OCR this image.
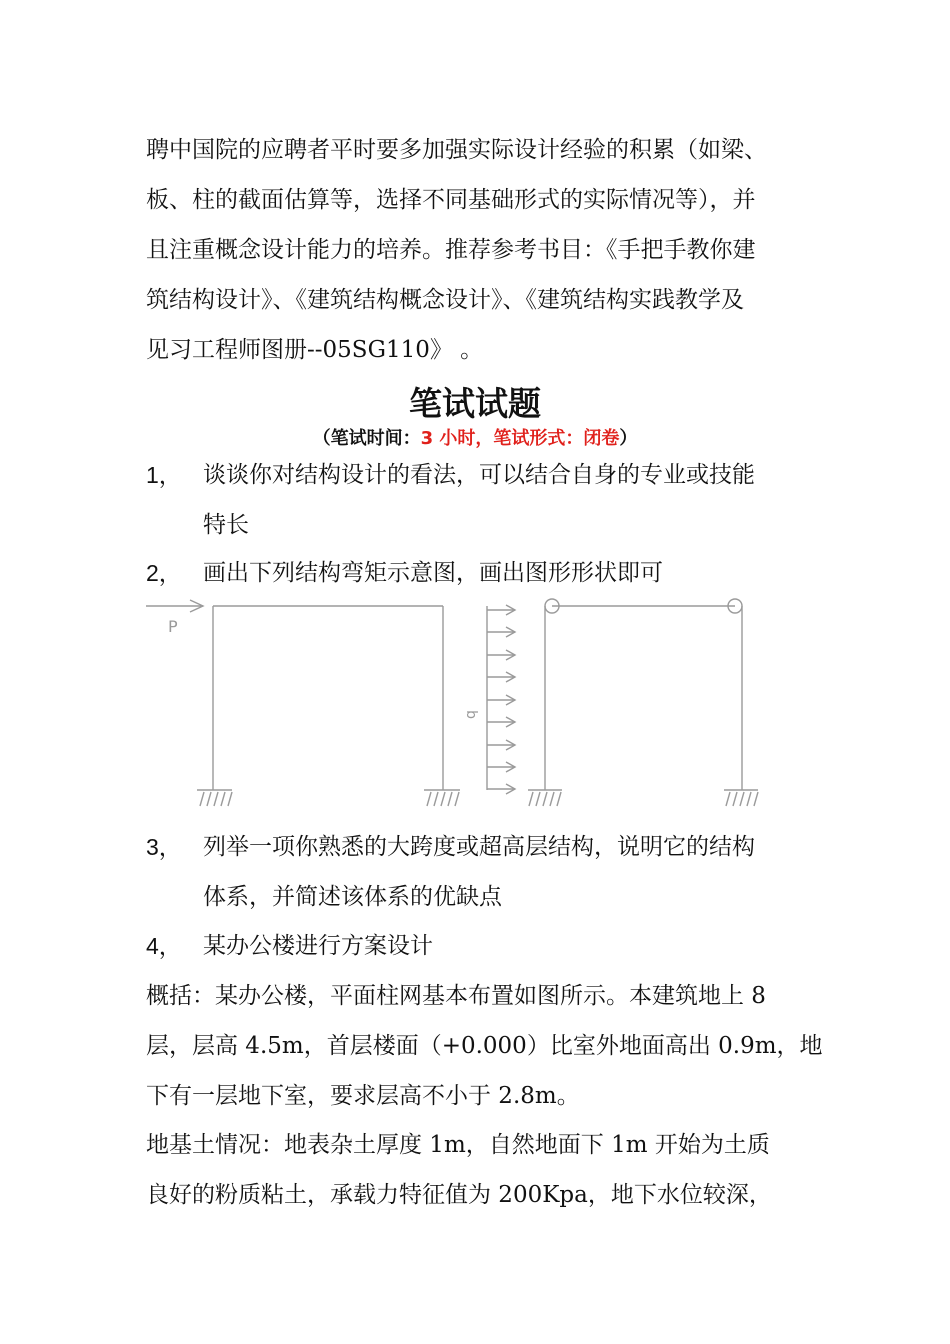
聘中国院的应聘者平时要多加强实际设计经验的积累（如梁、
板、柱的截面估算等，选择不同基础形式的实际情况等），并
且注重概念设计能力的培养。推荐参考书目：《手把手教你建
筑结构设计》、《建筑结构概念设计》、《建筑结构实践教学及
见习工程师图册--05SG110》 。
笔试试题
（笔试时间：3 小时，笔试形式：闭卷）
1， 谈谈你对结构设计的看法，可以结合自身的专业或技能
特长
2， 画出下列结构弯矩示意图，画出图形形状即可
P
q
3， 列举一项你熟悉的大跨度或超高层结构，说明它的结构
体系，并简述该体系的优缺点
4， 某办公楼进行方案设计
概括：某办公楼，平面柱网基本布置如图所示。本建筑地上 8
层，层高 4.5m，首层楼面（+0.000）比室外地面高出 0.9m，地
下有一层地下室，要求层高不小于 2.8m。
地基土情况：地表杂土厚度 1m，自然地面下 1m 开始为土质
良好的粉质粘土，承载力特征值为 200Kpa，地下水位较深，
